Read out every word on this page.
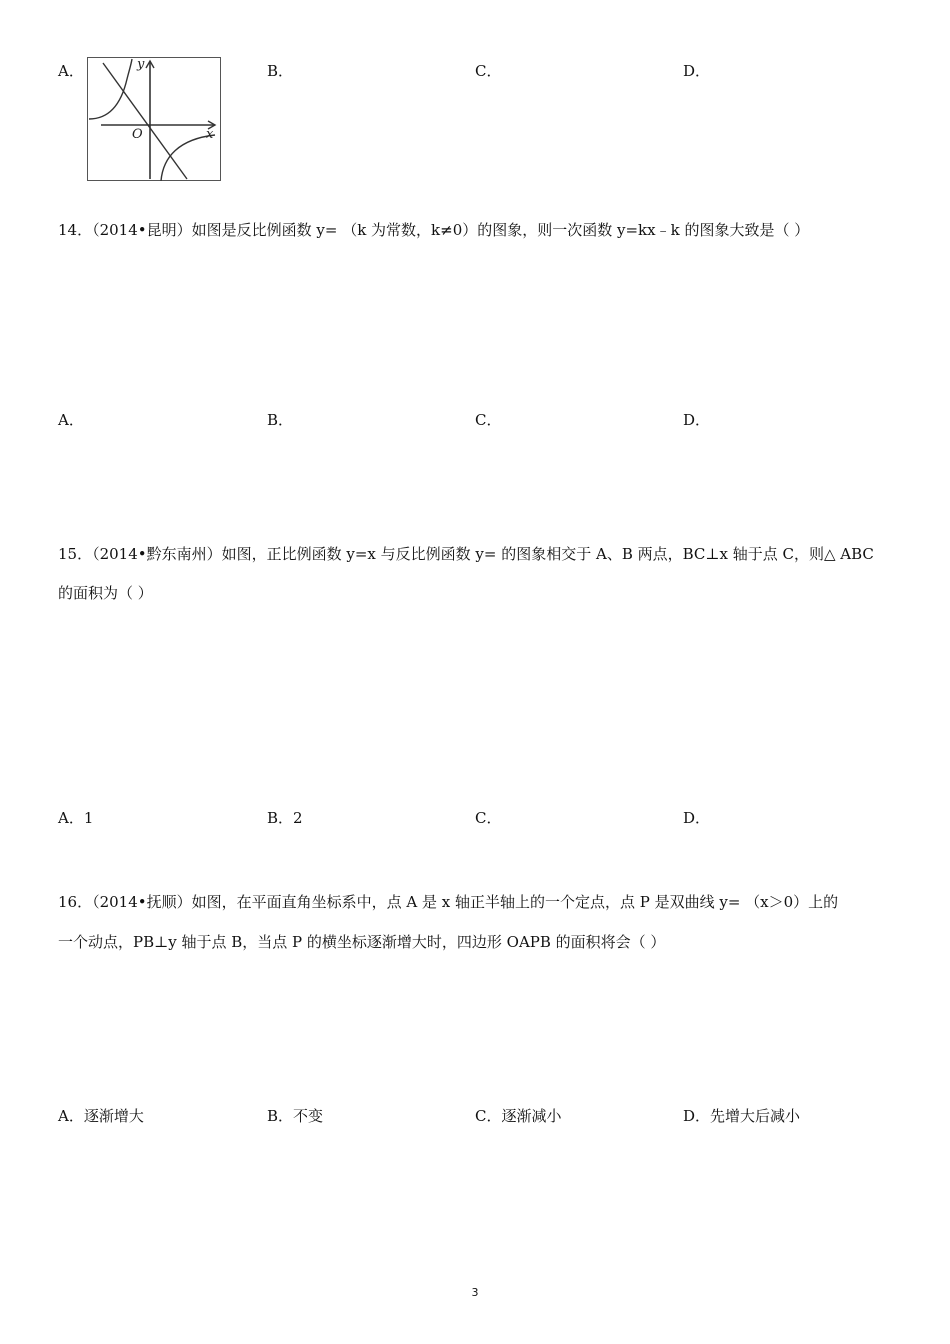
A．	y
x
O
B．	C．	D．
14．（2014•昆明）如图是反比例函数 y= （k 为常数，k≠0）的图象，则一次函数 y=kx﹣k 的图象大致是（ ）
A．	B．	C．	D．
15．（2014•黔东南州）如图，正比例函数 y=x 与反比例函数 y= 的图象相交于 A、B 两点，BC⊥x 轴于点 C，则△ ABC
的面积为（ ）
A．1	B．2	C．	D．
16．（2014•抚顺）如图，在平面直角坐标系中，点 A 是 x 轴正半轴上的一个定点，点 P 是双曲线 y= （x＞0）上的
一个动点，PB⊥y 轴于点 B，当点 P 的横坐标逐渐增大时，四边形 OAPB 的面积将会（ ）
A．逐渐增大	B．不变	C．逐渐减小	D．先增大后减小
3
